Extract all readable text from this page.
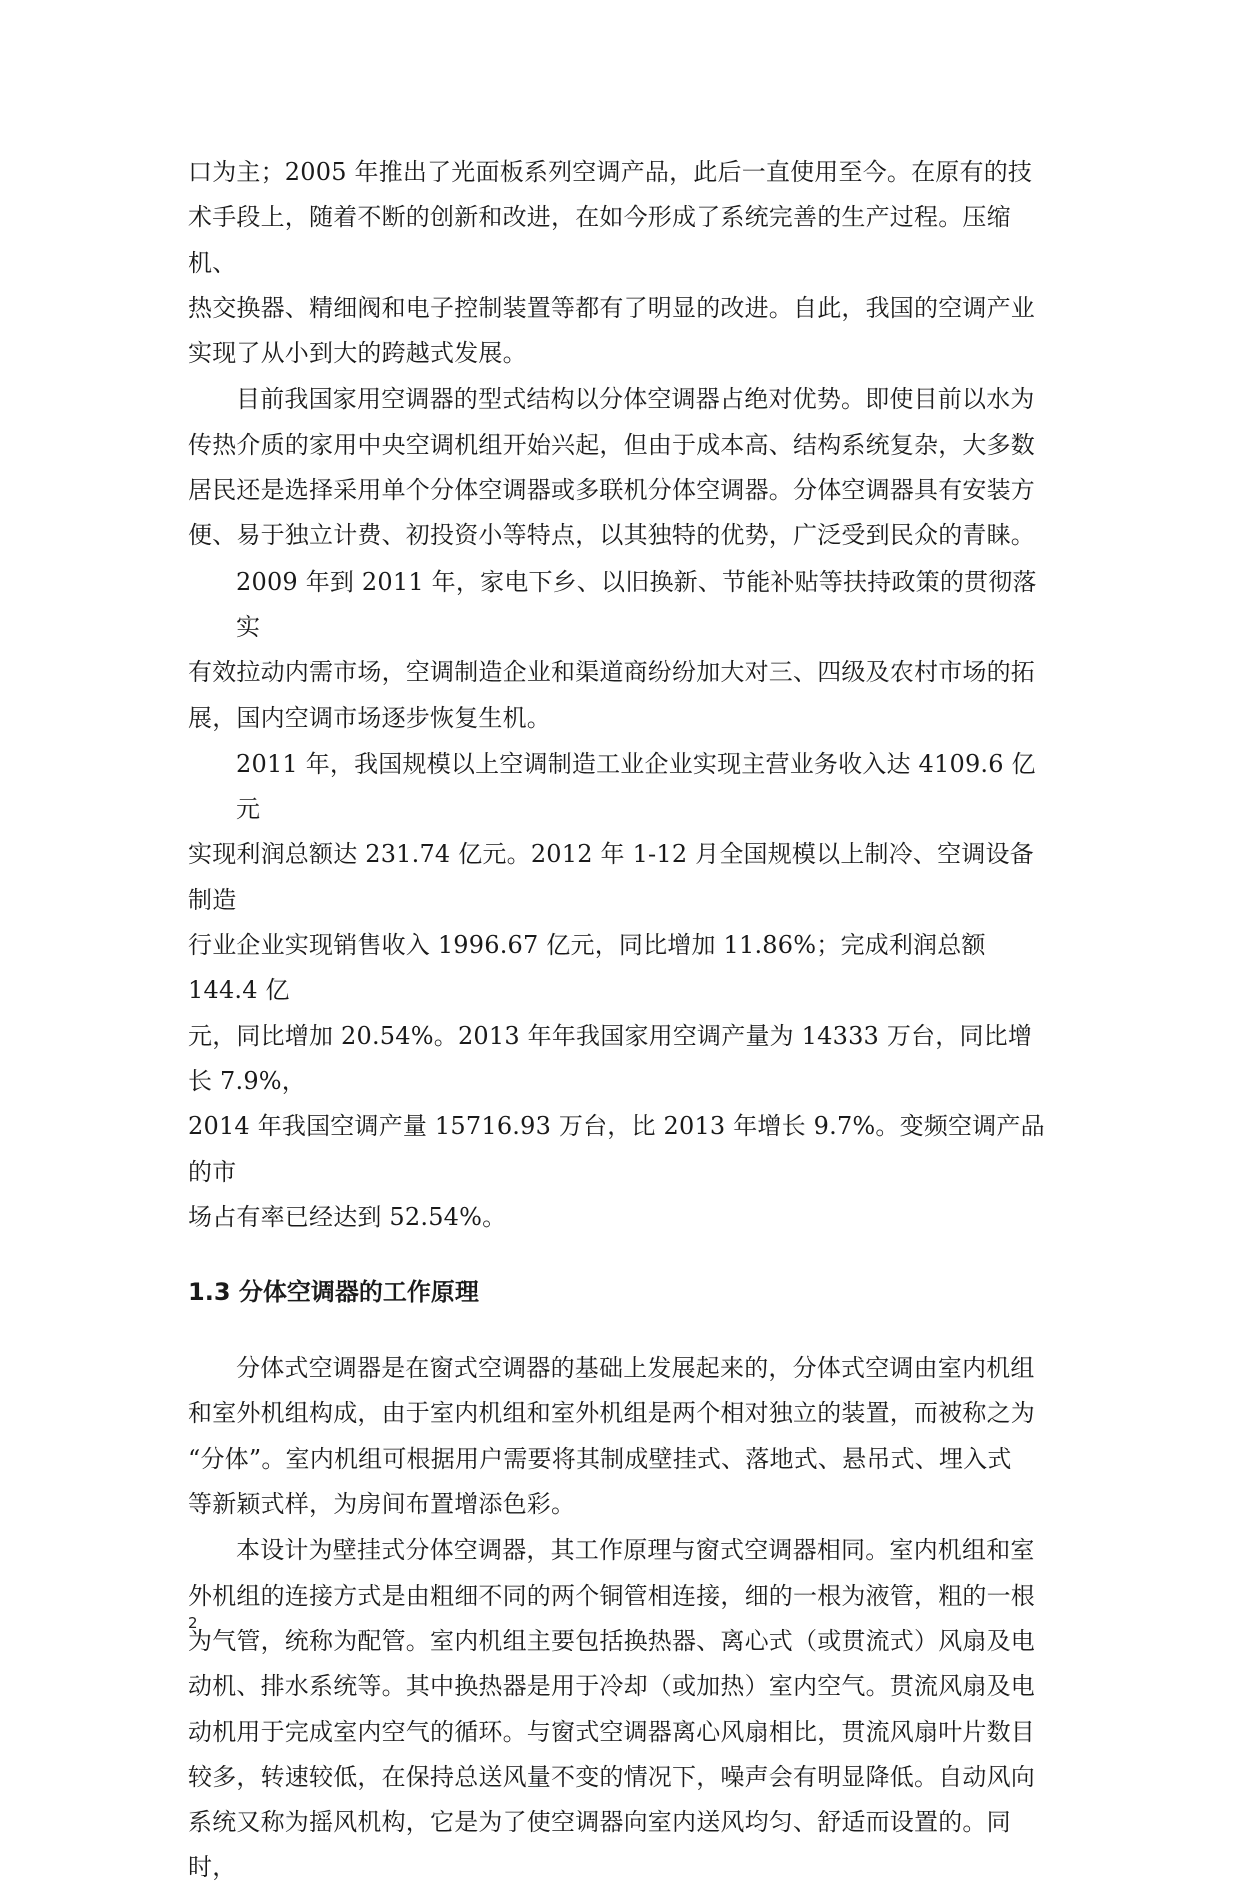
口为主；2005 年推出了光面板系列空调产品，此后一直使用至今。在原有的技
术手段上，随着不断的创新和改进，在如今形成了系统完善的生产过程。压缩机、
热交换器、精细阀和电子控制装置等都有了明显的改进。自此，我国的空调产业
实现了从小到大的跨越式发展。
目前我国家用空调器的型式结构以分体空调器占绝对优势。即使目前以水为
传热介质的家用中央空调机组开始兴起，但由于成本高、结构系统复杂，大多数
居民还是选择采用单个分体空调器或多联机分体空调器。分体空调器具有安装方
便、易于独立计费、初投资小等特点，以其独特的优势，广泛受到民众的青睐。
2009 年到 2011 年，家电下乡、以旧换新、节能补贴等扶持政策的贯彻落实
有效拉动内需市场，空调制造企业和渠道商纷纷加大对三、四级及农村市场的拓
展，国内空调市场逐步恢复生机。
2011 年，我国规模以上空调制造工业企业实现主营业务收入达 4109.6 亿元
实现利润总额达 231.74 亿元。2012 年 1-12 月全国规模以上制冷、空调设备制造
行业企业实现销售收入 1996.67 亿元，同比增加 11.86%；完成利润总额 144.4 亿
元，同比增加 20.54%。2013 年年我国家用空调产量为 14333 万台，同比增长 7.9%，
2014 年我国空调产量 15716.93 万台，比 2013 年增长 9.7%。变频空调产品的市
场占有率已经达到 52.54%。
1.3 分体空调器的工作原理
分体式空调器是在窗式空调器的基础上发展起来的，分体式空调由室内机组
和室外机组构成，由于室内机组和室外机组是两个相对独立的装置，而被称之为
“分体”。室内机组可根据用户需要将其制成壁挂式、落地式、悬吊式、埋入式
等新颖式样，为房间布置增添色彩。
本设计为壁挂式分体空调器，其工作原理与窗式空调器相同。室内机组和室
外机组的连接方式是由粗细不同的两个铜管相连接，细的一根为液管，粗的一根
为气管，统称为配管。室内机组主要包括换热器、离心式（或贯流式）风扇及电
动机、排水系统等。其中换热器是用于冷却（或加热）室内空气。贯流风扇及电
动机用于完成室内空气的循环。与窗式空调器离心风扇相比，贯流风扇叶片数目
较多，转速较低，在保持总送风量不变的情况下，噪声会有明显降低。自动风向
系统又称为摇风机构，它是为了使空调器向室内送风均匀、舒适而设置的。同时，
2
